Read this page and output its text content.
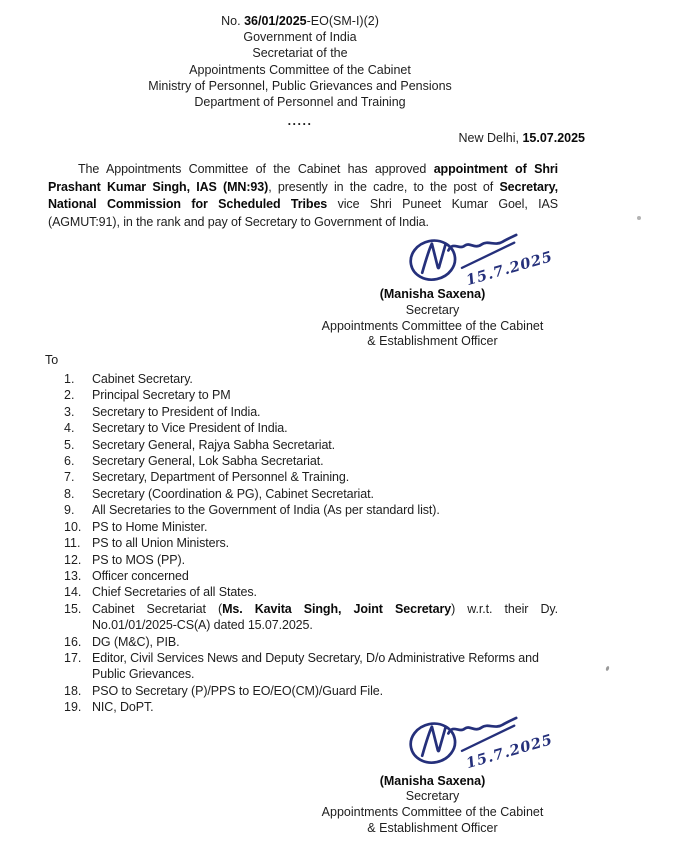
No. 36/01/2025-EO(SM-I)(2)
Government of India
Secretariat of the
Appointments Committee of the Cabinet
Ministry of Personnel, Public Grievances and Pensions
Department of Personnel and Training
.....
New Delhi, 15.07.2025
The Appointments Committee of the Cabinet has approved appointment of Shri
Prashant Kumar Singh, IAS (MN:93), presently in the cadre, to the post of Secretary,
National Commission for Scheduled Tribes vice Shri Puneet Kumar Goel, IAS
(AGMUT:91), in the rank and pay of Secretary to Government of India.
15.7.2025
(Manisha Saxena)
Secretary
Appointments Committee of the Cabinet
& Establishment Officer
To
1.	Cabinet Secretary.
2.	Principal Secretary to PM
3.	Secretary to President of India.
4.	Secretary to Vice President of India.
5.	Secretary General, Rajya Sabha Secretariat.
6.	Secretary General, Lok Sabha Secretariat.
7.	Secretary, Department of Personnel & Training.
8.	Secretary (Coordination & PG), Cabinet Secretariat.
9.	All Secretaries to the Government of India (As per standard list).
10. PS to Home Minister.
11. PS to all Union Ministers.
12. PS to MOS (PP).
13. Officer concerned
14. Chief Secretaries of all States.
15. Cabinet Secretariat (Ms. Kavita Singh, Joint Secretary) w.r.t. their Dy.
No.01/01/2025-CS(A) dated 15.07.2025.
16. DG (M&C), PIB.
17. Editor, Civil Services News and Deputy Secretary, D/o Administrative Reforms and
Public Grievances.
18. PSO to Secretary (P)/PPS to EO/EO(CM)/Guard File.
19. NIC, DoPT.
15.7.2025
(Manisha Saxena)
Secretary
Appointments Committee of the Cabinet
& Establishment Officer
